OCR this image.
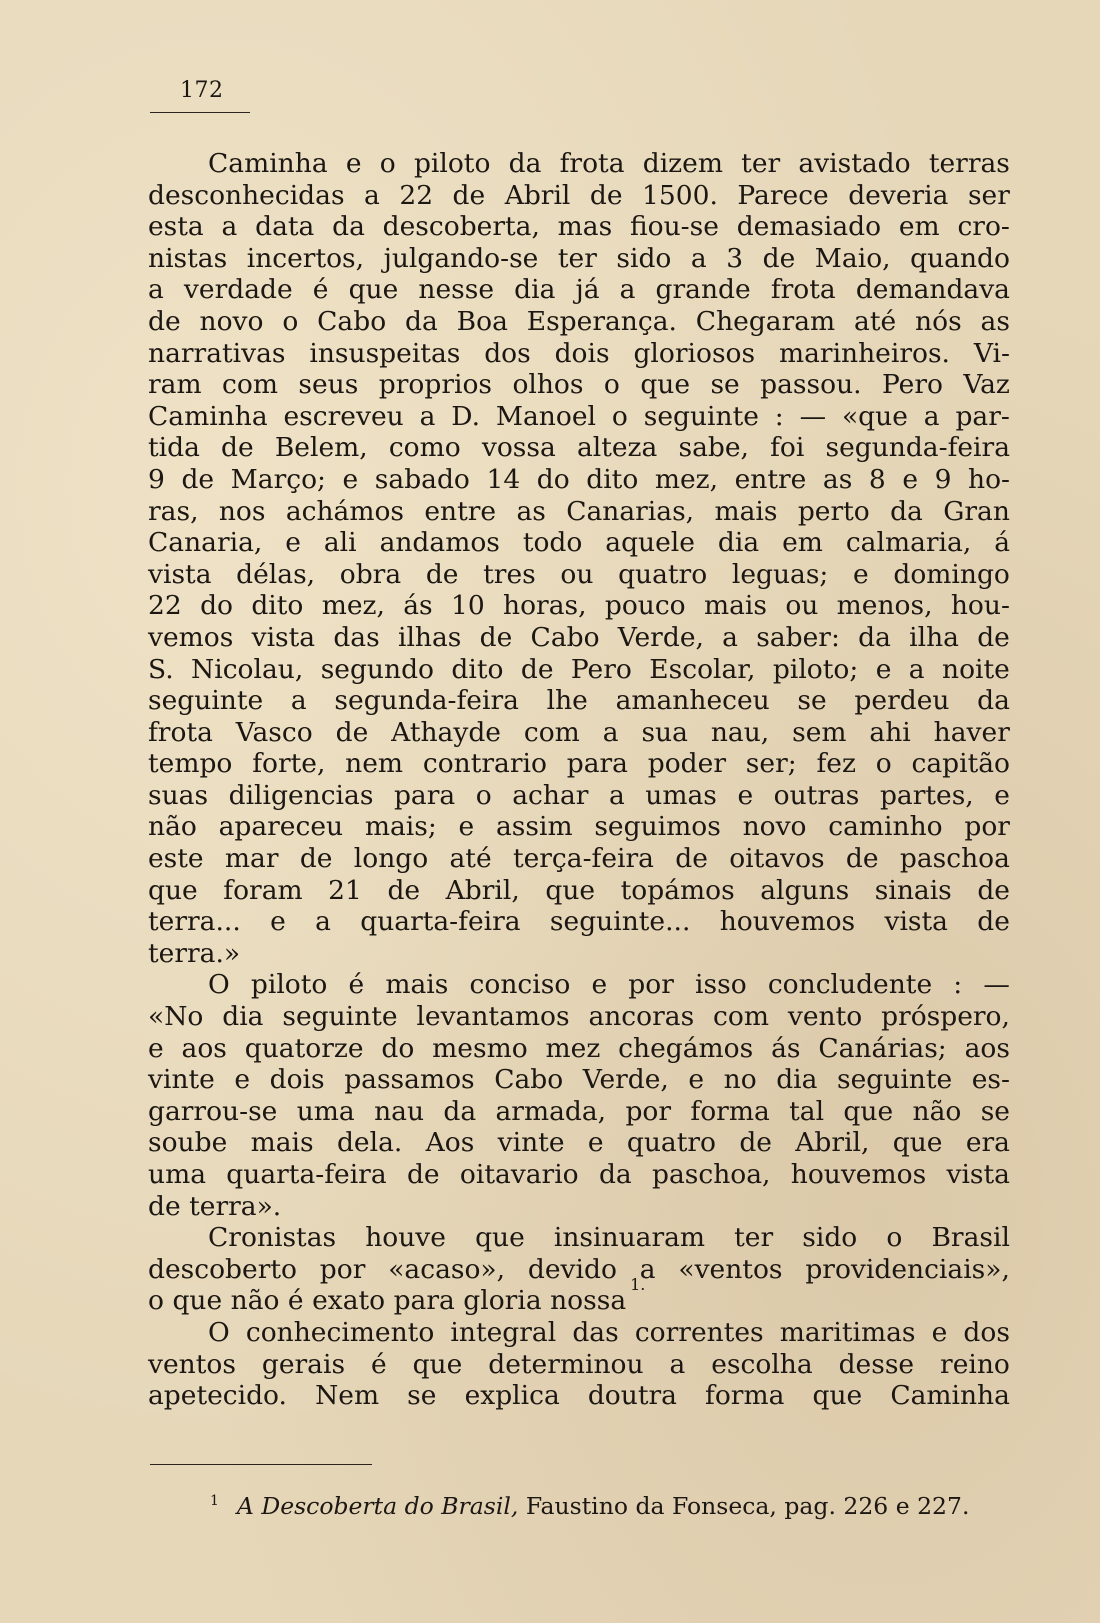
172
Caminha e o piloto da frota dizem ter avistado terras
desconhecidas a 22 de Abril de 1500. Parece deveria ser
esta a data da descoberta, mas fiou-se demasiado em cro-
nistas incertos, julgando-se ter sido a 3 de Maio, quando
a verdade é que nesse dia já a grande frota demandava
de novo o Cabo da Boa Esperança. Chegaram até nós as
narrativas insuspeitas dos dois gloriosos marinheiros. Vi-
ram com seus proprios olhos o que se passou. Pero Vaz
Caminha escreveu a D. Manoel o seguinte : — «que a par-
tida de Belem, como vossa alteza sabe, foi segunda-feira
9 de Março; e sabado 14 do dito mez, entre as 8 e 9 ho-
ras, nos achámos entre as Canarias, mais perto da Gran
Canaria, e ali andamos todo aquele dia em calmaria, á
vista délas, obra de tres ou quatro leguas; e domingo
22 do dito mez, ás 10 horas, pouco mais ou menos, hou-
vemos vista das ilhas de Cabo Verde, a saber: da ilha de
S. Nicolau, segundo dito de Pero Escolar, piloto; e a noite
seguinte a segunda-feira lhe amanheceu se perdeu da
frota Vasco de Athayde com a sua nau, sem ahi haver
tempo forte, nem contrario para poder ser; fez o capitão
suas diligencias para o achar a umas e outras partes, e
não apareceu mais; e assim seguimos novo caminho por
este mar de longo até terça-feira de oitavos de paschoa
que foram 21 de Abril, que topámos alguns sinais de
terra... e a quarta-feira seguinte... houvemos vista de
terra.»
O piloto é mais conciso e por isso concludente : —
«No dia seguinte levantamos ancoras com vento próspero,
e aos quatorze do mesmo mez chegámos ás Canárias; aos
vinte e dois passamos Cabo Verde, e no dia seguinte es-
garrou-se uma nau da armada, por forma tal que não se
soube mais dela. Aos vinte e quatro de Abril, que era
uma quarta-feira de oitavario da paschoa, houvemos vista
de terra».
Cronistas houve que insinuaram ter sido o Brasil
descoberto por «acaso», devido a «ventos providenciais»,
o que não é exato para gloria nossa
1.
O conhecimento integral das correntes maritimas e dos
ventos gerais é que determinou a escolha desse reino
apetecido. Nem se explica doutra forma que Caminha
$^1$ A Descoberta do Brasil, Faustino da Fonseca, pag. 226 e 227.
